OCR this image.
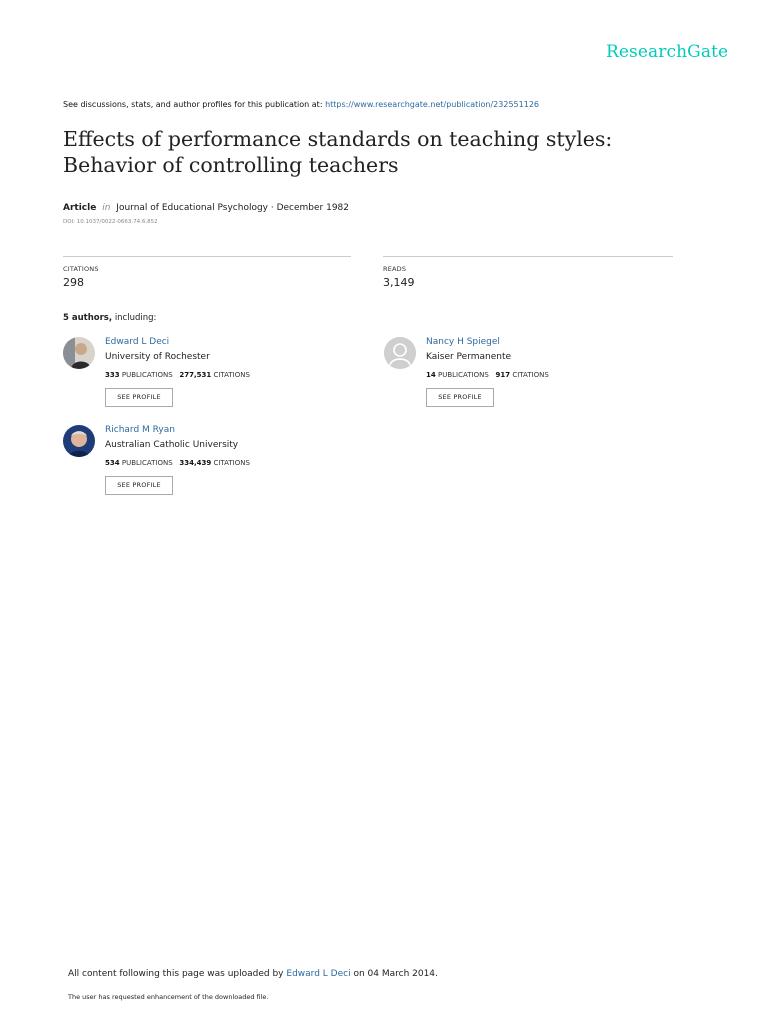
ResearchGate
See discussions, stats, and author profiles for this publication at: https://www.researchgate.net/publication/232551126
Effects of performance standards on teaching styles: Behavior of controlling teachers
Article in Journal of Educational Psychology · December 1982
DOI: 10.1037/0022-0663.74.6.852
CITATIONS
298
READS
3,149
5 authors, including:
Edward L Deci
University of Rochester
333 PUBLICATIONS 277,531 CITATIONS
SEE PROFILE
Nancy H Spiegel
Kaiser Permanente
14 PUBLICATIONS 917 CITATIONS
SEE PROFILE
Richard M Ryan
Australian Catholic University
534 PUBLICATIONS 334,439 CITATIONS
SEE PROFILE
All content following this page was uploaded by Edward L Deci on 04 March 2014.
The user has requested enhancement of the downloaded file.
